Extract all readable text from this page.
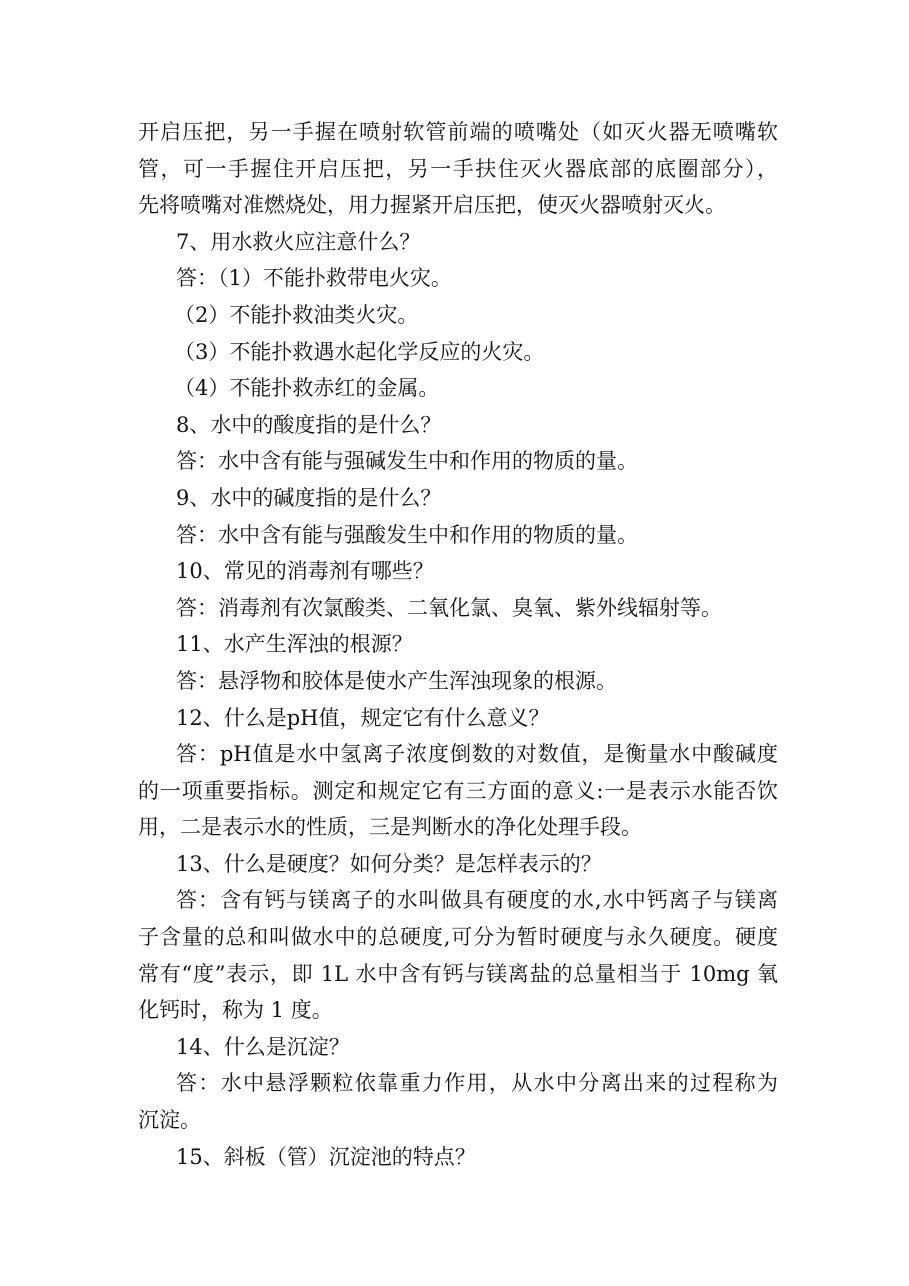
开启压把，另一手握在喷射软管前端的喷嘴处（如灭火器无喷嘴软
管，可一手握住开启压把，另一手扶住灭火器底部的底圈部分），
先将喷嘴对准燃烧处，用力握紧开启压把，使灭火器喷射灭火。
7、用水救火应注意什么？
答：（1）不能扑救带电火灾。
（2）不能扑救油类火灾。
（3）不能扑救遇水起化学反应的火灾。
（4）不能扑救赤红的金属。
8、水中的酸度指的是什么？
答：水中含有能与强碱发生中和作用的物质的量。
9、水中的碱度指的是什么？
答：水中含有能与强酸发生中和作用的物质的量。
10、常见的消毒剂有哪些？
答：消毒剂有次氯酸类、二氧化氯、臭氧、紫外线辐射等。
11、水产生浑浊的根源？
答：悬浮物和胶体是使水产生浑浊现象的根源。
12、什么是pH值，规定它有什么意义？
答：pH值是水中氢离子浓度倒数的对数值，是衡量水中酸碱度
的一项重要指标。测定和规定它有三方面的意义:一是表示水能否饮
用，二是表示水的性质，三是判断水的净化处理手段。
13、什么是硬度？如何分类？是怎样表示的？
答：含有钙与镁离子的水叫做具有硬度的水,水中钙离子与镁离
子含量的总和叫做水中的总硬度,可分为暂时硬度与永久硬度。硬度
常有“度”表示，即 1L 水中含有钙与镁离盐的总量相当于 10mg 氧
化钙时，称为 1 度。
14、什么是沉淀？
答：水中悬浮颗粒依靠重力作用，从水中分离出来的过程称为
沉淀。
15、斜板（管）沉淀池的特点？
